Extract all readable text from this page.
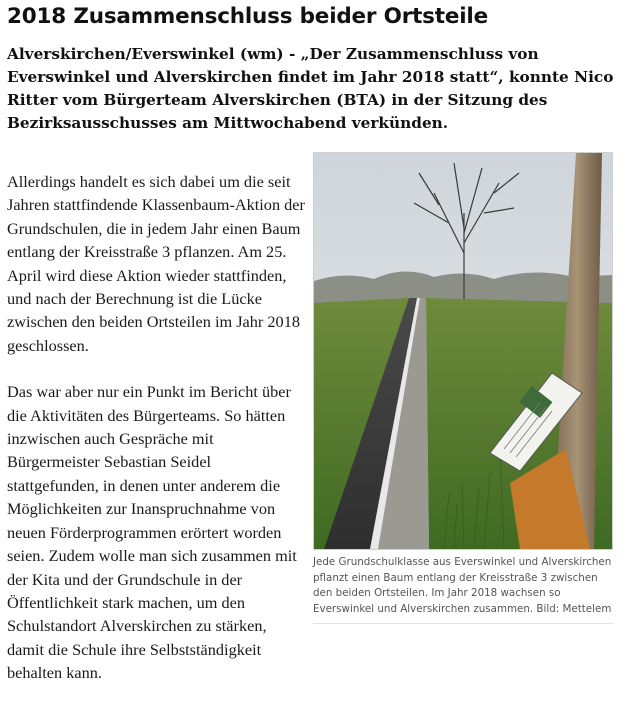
2018 Zusammenschluss beider Ortsteile

Alverskirchen/Everswinkel (wm) - „Der Zusammenschluss von Everswinkel und Alverskirchen findet im Jahr 2018 statt“, konnte Nico Ritter vom Bürgerteam Alverskirchen (BTA) in der Sitzung des Bezirksausschusses am Mittwochabend verkünden.

Jede Grundschulklasse aus Everswinkel und Alverskirchen pflanzt einen Baum entlang der Kreisstraße 3 zwischen den beiden Ortsteilen. Im Jahr 2018 wachsen so Everswinkel und Alverskirchen zusammen. Bild: Mettelem

Allerdings handelt es sich dabei um die seit Jahren stattfindende Klassenbaum-Aktion der Grundschulen, die in jedem Jahr einen Baum entlang der Kreisstraße 3 pflanzen. Am 25. April wird diese Aktion wieder stattfinden, und nach der Berechnung ist die Lücke zwischen den beiden Ortsteilen im Jahr 2018 geschlossen.

Das war aber nur ein Punkt im Bericht über die Aktivitäten des Bürgerteams. So hätten inzwischen auch Gespräche mit Bürgermeister Sebastian Seidel stattgefunden, in denen unter anderem die Möglichkeiten zur Inanspruchnahme von neuen Förderprogrammen erörtert worden seien. Zudem wolle man sich zusammen mit der Kita und der Grundschule in der Öffentlichkeit stark machen, um den Schulstandort Alverskirchen zu stärken, damit die Schule ihre Selbstständigkeit behalten kann.
